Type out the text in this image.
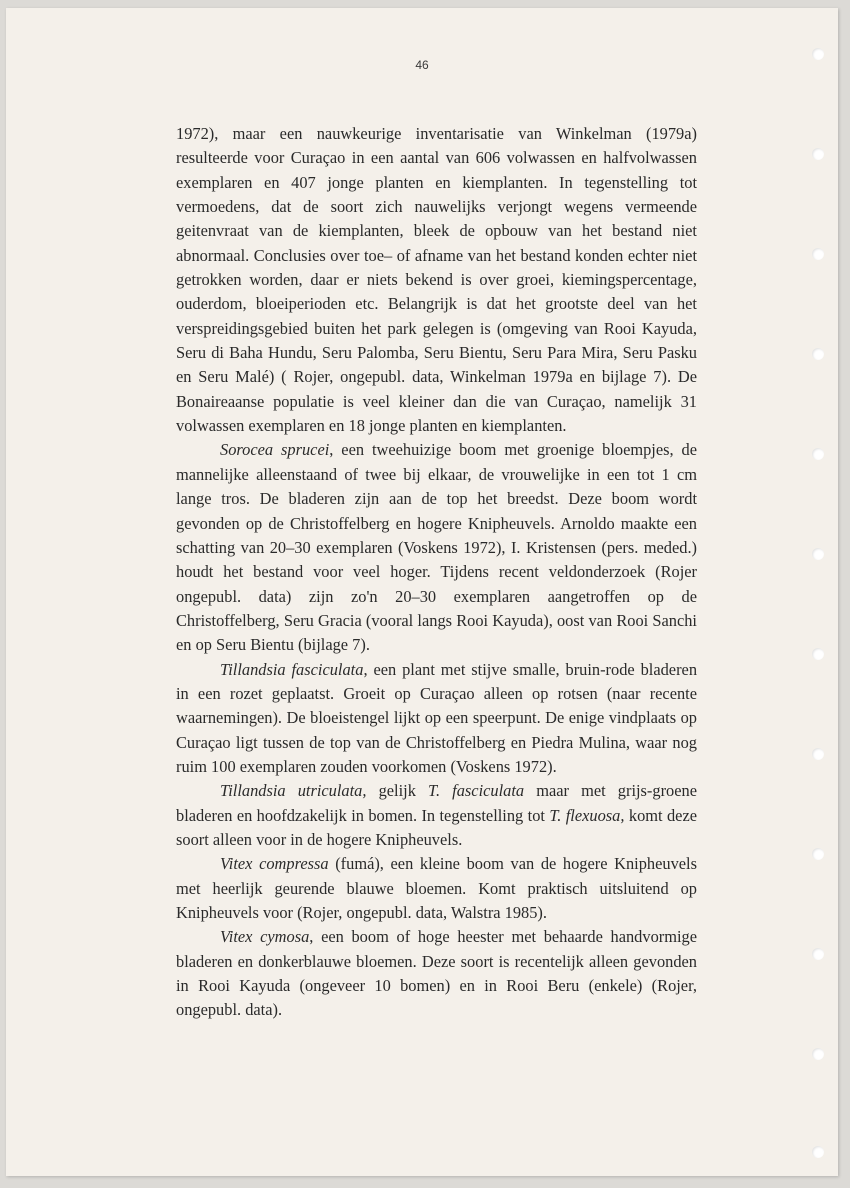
46

1972), maar een nauwkeurige inventarisatie van Winkelman (1979a) resulteerde voor Curaçao in een aantal van 606 volwassen en halfvolwassen exemplaren en 407 jonge planten en kiemplanten. In tegenstelling tot vermoedens, dat de soort zich nauwelijks verjongt wegens vermeende geitenvraat van de kiemplanten, bleek de opbouw van het bestand niet abnormaal. Conclusies over toe– of afname van het bestand konden echter niet getrokken worden, daar er niets bekend is over groei, kiemingspercentage, ouderdom, bloeiperioden etc. Belangrijk is dat het grootste deel van het verspreidingsgebied buiten het park gelegen is (omgeving van Rooi Kayuda, Seru di Baha Hundu, Seru Palomba, Seru Bientu, Seru Para Mira, Seru Pasku en Seru Malé) ( Rojer, ongepubl. data, Winkelman 1979a en bijlage 7). De Bonaireaanse populatie is veel kleiner dan die van Curaçao, namelijk 31 volwassen exemplaren en 18 jonge planten en kiemplanten.

Sorocea sprucei, een tweehuizige boom met groenige bloempjes, de mannelijke alleenstaand of twee bij elkaar, de vrouwelijke in een tot 1 cm lange tros. De bladeren zijn aan de top het breedst. Deze boom wordt gevonden op de Christoffelberg en hogere Knipheuvels. Arnoldo maakte een schatting van 20–30 exemplaren (Voskens 1972), I. Kristensen (pers. meded.) houdt het bestand voor veel hoger. Tijdens recent veldonderzoek (Rojer ongepubl. data) zijn zo'n 20–30 exemplaren aangetroffen op de Christoffelberg, Seru Gracia (vooral langs Rooi Kayuda), oost van Rooi Sanchi en op Seru Bientu (bijlage 7).

Tillandsia fasciculata, een plant met stijve smalle, bruin-rode bladeren in een rozet geplaatst. Groeit op Curaçao alleen op rotsen (naar recente waarnemingen). De bloeistengel lijkt op een speerpunt. De enige vindplaats op Curaçao ligt tussen de top van de Christoffelberg en Piedra Mulina, waar nog ruim 100 exemplaren zouden voorkomen (Voskens 1972).

Tillandsia utriculata, gelijk T. fasciculata maar met grijs-groene bladeren en hoofdzakelijk in bomen. In tegenstelling tot T. flexuosa, komt deze soort alleen voor in de hogere Knipheuvels.

Vitex compressa (fumá), een kleine boom van de hogere Knipheuvels met heerlijk geurende blauwe bloemen. Komt praktisch uitsluitend op Knipheuvels voor (Rojer, ongepubl. data, Walstra 1985).

Vitex cymosa, een boom of hoge heester met behaarde handvormige bladeren en donkerblauwe bloemen. Deze soort is recentelijk alleen gevonden in Rooi Kayuda (ongeveer 10 bomen) en in Rooi Beru (enkele) (Rojer, ongepubl. data).
